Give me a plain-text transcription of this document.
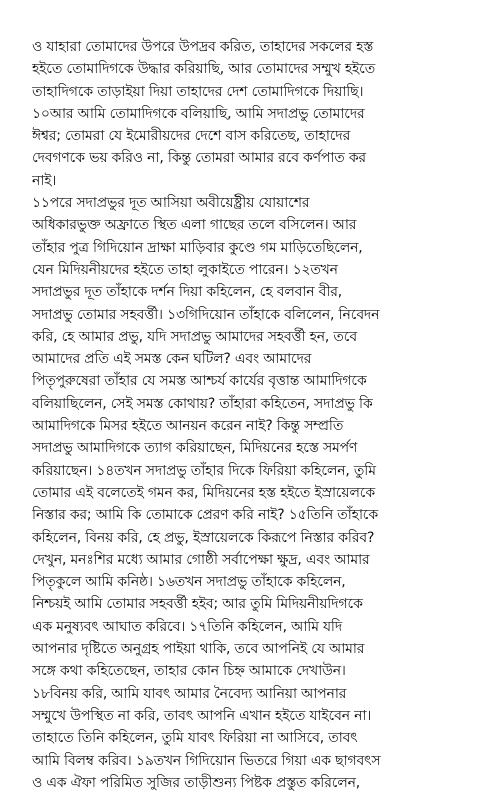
ও যাহারা তোমাদের উপরে উপদ্রব করিত, তাহাদের সকলের হস্ত
হইতে তোমাদিগকে উদ্ধার করিয়াছি, আর তোমাদের সম্মুখ হইতে
তাহাদিগকে তাড়াইয়া দিয়া তাহাদের দেশ তোমাদিগকে দিয়াছি।
১০আর আমি তোমাদিগকে বলিয়াছি, আমি সদাপ্রভু তোমাদের
ঈশ্বর; তোমরা যে ইমোরীয়দের দেশে বাস করিতেছ, তাহাদের
দেবগণকে ভয় করিও না, কিন্তু তোমরা আমার রবে কর্ণপাত কর
নাই।
১১পরে সদাপ্রভুর দূত আসিয়া অবীয়েষ্ট্রীয় যোয়াশের
অধিকারভুক্ত অফ্রাতে স্থিত এলা গাছের তলে বসিলেন। আর
তাঁহার পুত্র গিদিয়োন দ্রাক্ষা মাড়িবার কুণ্ডে গম মাড়িতেছিলেন,
যেন মিদিয়নীয়দের হইতে তাহা লুকাইতে পারেন। ১২তখন
সদাপ্রভুর দূত তাঁহাকে দর্শন দিয়া কহিলেন, হে বলবান বীর,
সদাপ্রভু তোমার সহবর্ত্তী। ১৩গিদিয়োন তাঁহাকে বলিলেন, নিবেদন
করি, হে আমার প্রভু, যদি সদাপ্রভু আমাদের সহবর্ত্তী হন, তবে
আমাদের প্রতি এই সমস্ত কেন ঘটিল? এবং আমাদের
পিতৃপুরুষেরা তাঁহার যে সমস্ত আশ্চর্য কার্যের বৃত্তান্ত আমাদিগকে
বলিয়াছিলেন, সেই সমস্ত কোথায়? তাঁহারা কহিতেন, সদাপ্রভু কি
আমাদিগকে মিসর হইতে আনয়ন করেন নাই? কিন্তু সম্প্রতি
সদাপ্রভু আমাদিগকে ত্যাগ করিয়াছেন, মিদিয়নের হস্তে সমর্পণ
করিয়াছেন। ১৪তখন সদাপ্রভু তাঁহার দিকে ফিরিয়া কহিলেন, তুমি
তোমার এই বলেতেই গমন কর, মিদিয়নের হস্ত হইতে ইস্রায়েলকে
নিস্তার কর; আমি কি তোমাকে প্রেরণ করি নাই? ১৫তিনি তাঁহাকে
কহিলেন, বিনয় করি, হে প্রভু, ইস্রায়েলকে কিরূপে নিস্তার করিব?
দেখুন, মনঃশির মধ্যে আমার গোষ্ঠী সর্বাপেক্ষা ক্ষুদ্র, এবং আমার
পিতৃকুলে আমি কনিষ্ঠ। ১৬তখন সদাপ্রভু তাঁহাকে কহিলেন,
নিশ্চয়ই আমি তোমার সহবর্ত্তী হইব; আর তুমি মিদিয়নীয়দিগকে
এক মনুষ্যবৎ আঘাত করিবে। ১৭তিনি কহিলেন, আমি যদি
আপনার দৃষ্টিতে অনুগ্রহ পাইয়া থাকি, তবে আপনিই যে আমার
সঙ্গে কথা কহিতেছেন, তাহার কোন চিহ্ন আমাকে দেখাউন।
১৮বিনয় করি, আমি যাবৎ আমার নৈবেদ্য আনিয়া আপনার
সম্মুখে উপস্থিত না করি, তাবৎ আপনি এখান হইতে যাইবেন না।
তাহাতে তিনি কহিলেন, তুমি যাবৎ ফিরিয়া না আসিবে, তাবৎ
আমি বিলম্ব করিব। ১৯তখন গিদিয়োন ভিতরে গিয়া এক ছাগবৎস
ও এক ঐফা পরিমিত সুজির তাড়ীশুন্য পিষ্টক প্রস্তুত করিলেন,
